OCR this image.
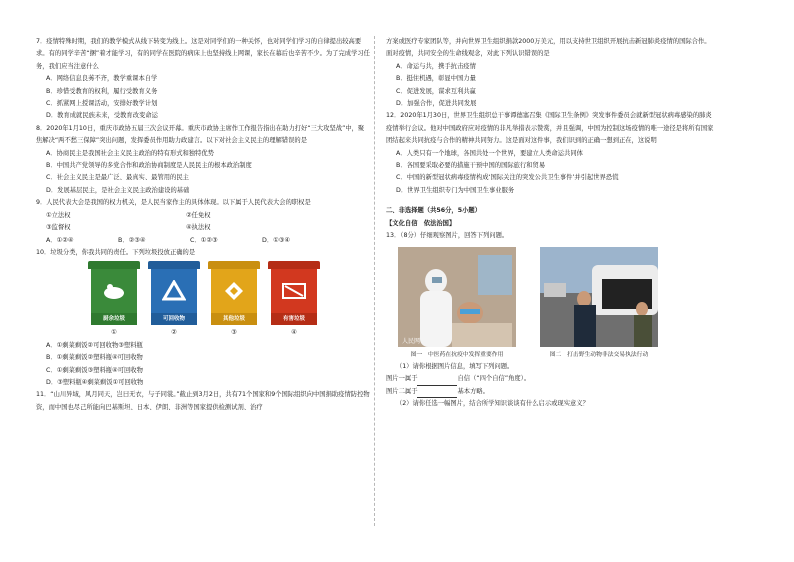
7．疫情特殊时期，我们的教学模式从线下转变为线上。这是对同学们的一种关怀，也对同学们学习的自律提出较高要求。有的同学辛苦“捆”着才能学习，有的同学在医院的病床上也坚持线上网课，家长在幕后也辛苦不少。为了完成学习任务，我们应当注意什么

A．网络信息良莠不齐，教学重课本自学

B．珍惜受教育的权利，履行受教育义务

C．抓紧网上授课活动，安排好教学计划

D．教育成就民族未来，受教育改变命运

8．2020年1月10日，重庆市政协五届三次会议开幕。重庆市政协主席作工作报告指出在助力打好“三大攻坚战”中，聚焦解决“两不愁三保障”突出问题，发挥委员作用助力政建言。以下对社会主义民主的理解错误的是

A．协商民主是我国社会主义民主政治的特有形式和独特优势

B．中国共产党领导的多党合作和政治协商制度是人民民主的根本政治制度

C．社会主义民主是最广泛、最真实、最管用的民主

D．发展基层民主，是社会主义民主政治建设的基础

9．人民代表大会是我国的权力机关，是人民当家作主的具体体现。以下属于人民代表大会的职权是

①立法权	②任免权

③监督权	④执法权

A．①②④	B．②③④	C．①②③	D．①③④

10．垃圾分类，你我共同的责任。下列垃圾投放正确的是

厨余垃圾	可回收物	其他垃圾	有害垃圾
①	②	③	④

A．①剩菜剩饭②可回收物③塑料瓶

B．①剩菜剩饭②塑料瓶④可回收物

C．①剩菜剩饭③塑料瓶④可回收物

D．③塑料瓶④剩菜剩饭①可回收物

11．“山川异域，风月同天，岂曰无衣，与子同裳。”截止到3月2日，共有71个国家和9个国际组织向中国捐助疫情防控物资，而中国也尽己所能向巴基斯坦、日本、伊朗、非洲等国家提供检测试剂、治疗

方案或医疗专家团队等，并向世界卫生组织捐款2000万美元，用以支持世卫组织开展抗击新冠肺炎疫情的国际合作。面对疫情，共同安全的生命线观念，对此下列认识错误的是

A．命运与共，携手抗击疫情

B．挺住机遇，彰显中国力量

C．促进发展，谋求互利共赢

D．加强合作，促进共同发展

12．2020年1月30日，世界卫生组织总干事谭德塞召集《国际卫生条例》突发事件委员会就新型冠状病毒感染的肺炎疫情举行会议。他对中国政府应对疫情的非凡举措表示赞赏，并且强调，中国为控制这场疫情的唯一途径是将所有国家团结起来共同抗疫与合作的精神共同努力。这是面对这件事，我们识到的正确一想到正在，这说明

A．人类只有一个地球，各国共处一个世界，要建立人类命运共同体

B．各国要采取必要的措施干预中国的国际旅行和贸易

C．中国的新型冠状病毒疫情构成‘国际关注的突发公共卫生事件’并引起世界恐慌

D．世界卫生组织专门为中国卫生事业服务

二、非选择题（共56分，5小题）

【文化自信　依法治国】

13．（8分）仔细观察图片，回答下列问题。

人民网
图一　中医药在抗疫中发挥重要作用	图二　打击野生动物非法交易执法行动

（1）请你根据图片信息，填写下列问题。

图片一属于	自信（“四个自信”角度）。

图片二属于	基本方略。

（2）请你任选一幅图片，结合所学知识谈谈有什么启示或现实意义？
